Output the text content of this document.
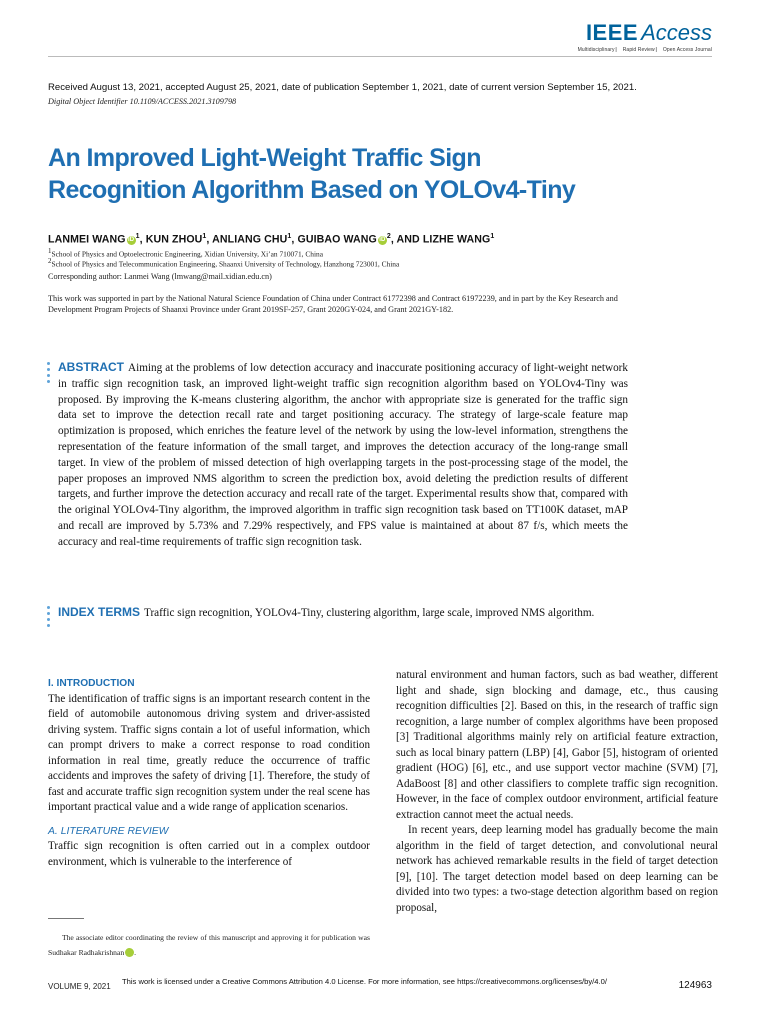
IEEE Access
Multidisciplinary ⎸ Rapid Review ⎸ Open Access Journal
Received August 13, 2021, accepted August 25, 2021, date of publication September 1, 2021, date of current version September 15, 2021.
Digital Object Identifier 10.1109/ACCESS.2021.3109798
An Improved Light-Weight Traffic Sign
Recognition Algorithm Based on YOLOv4-Tiny
LANMEI WANG $iD^1$, KUN ZHOU$^1$, ANLIANG CHU$^1$, GUIBAO WANG $iD^2$, AND LIZHE WANG$^1$
$^1$School of Physics and Optoelectronic Engineering, Xidian University, Xi’an 710071, China
$^2$School of Physics and Telecommunication Engineering, Shaanxi University of Technology, Hanzhong 723001, China
Corresponding author: Lanmei Wang (lmwang@mail.xidian.edu.cn)
This work was supported in part by the National Natural Science Foundation of China under Contract 61772398 and Contract 61972239, and in part by the Key Research and Development Program Projects of Shaanxi Province under Grant 2019SF-257, Grant 2020GY-024, and Grant 2021GY-182.
ABSTRACT Aiming at the problems of low detection accuracy and inaccurate positioning accuracy of light-weight network in traffic sign recognition task, an improved light-weight traffic sign recognition algorithm based on YOLOv4-Tiny was proposed. By improving the K-means clustering algorithm, the anchor with appropriate size is generated for the traffic sign data set to improve the detection recall rate and target positioning accuracy. The strategy of large-scale feature map optimization is proposed, which enriches the feature level of the network by using the low-level information, strengthens the representation of the feature information of the small target, and improves the detection accuracy of the long-range small target. In view of the problem of missed detection of high overlapping targets in the post-processing stage of the model, the paper proposes an improved NMS algorithm to screen the prediction box, avoid deleting the prediction results of different targets, and further improve the detection accuracy and recall rate of the target. Experimental results show that, compared with the original YOLOv4-Tiny algorithm, the improved algorithm in traffic sign recognition task based on TT100K dataset, mAP and recall are improved by 5.73% and 7.29% respectively, and FPS value is maintained at about 87 f/s, which meets the accuracy and real-time requirements of traffic sign recognition task.
INDEX TERMS Traffic sign recognition, YOLOv4-Tiny, clustering algorithm, large scale, improved NMS algorithm.
I. INTRODUCTION

The identification of traffic signs is an important research content in the field of automobile autonomous driving system and driver-assisted driving system. Traffic signs contain a lot of useful information, which can prompt drivers to make a correct response to road condition information in real time, greatly reduce the occurrence of traffic accidents and improves the safety of driving [1]. Therefore, the study of fast and accurate traffic sign recognition system under the real scene has important practical value and a wide range of application scenarios.

A. LITERATURE REVIEW

Traffic sign recognition is often carried out in a complex outdoor environment, which is vulnerable to the interference of

The associate editor coordinating the review of this manuscript and approving it for publication was Sudhakar Radhakrishnan	iD.

natural environment and human factors, such as bad weather, different light and shade, sign blocking and damage, etc., thus causing recognition difficulties [2]. Based on this, in the research of traffic sign recognition, a large number of complex algorithms have been proposed [3] Traditional algorithms mainly rely on artificial feature extraction, such as local binary pattern (LBP) [4], Gabor [5], histogram of oriented gradient (HOG) [6], etc., and use support vector machine (SVM) [7], AdaBoost [8] and other classifiers to complete traffic sign recognition. However, in the face of complex outdoor environment, artificial feature extraction cannot meet the actual needs.

In recent years, deep learning model has gradually become the main algorithm in the field of target detection, and convolutional neural network has achieved remarkable results in the field of target detection [9], [10]. The target detection model based on deep learning can be divided into two types: a two-stage detection algorithm based on region proposal,

VOLUME 9, 2021
This work is licensed under a Creative Commons Attribution 4.0 License. For more information, see https://creativecommons.org/licenses/by/4.0/	124963
